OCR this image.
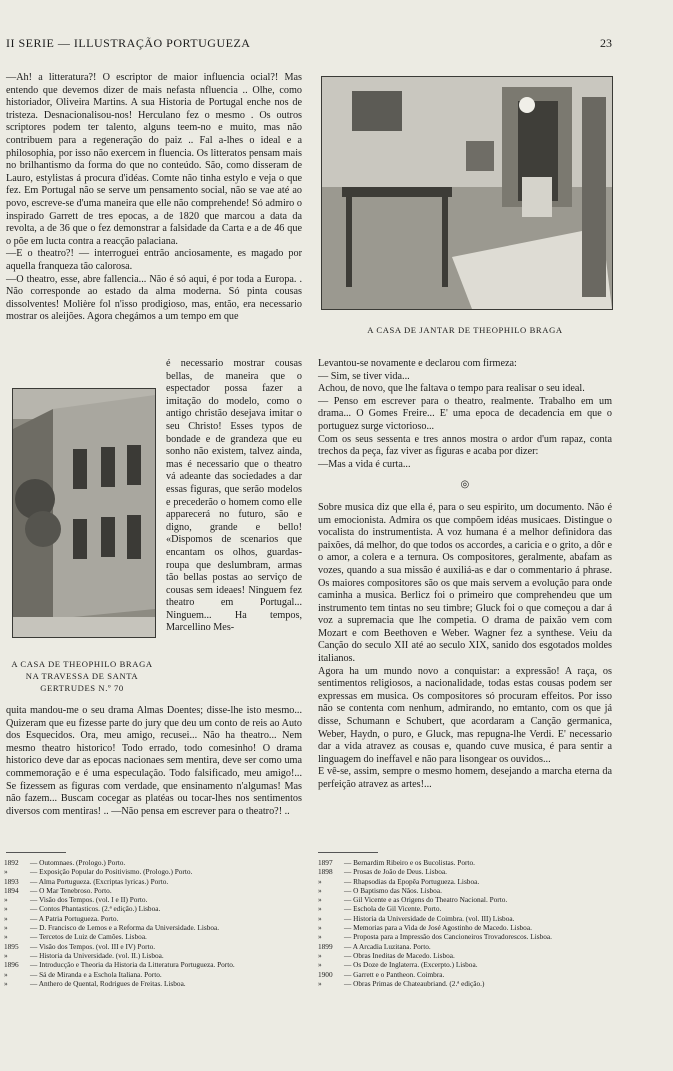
II SERIE — ILLUSTRAÇÃO PORTUGUEZA	23

—Ah! a litteratura?! O escriptor de maior influencia ocial?! Mas entendo que devemos dizer de mais nefasta nfluencia .. Olhe, como historiador, Oliveira Martins. A sua Historia de Portugal enche nos de tristeza. Desnacionalisou-nos! Herculano fez o mesmo . Os outros scriptores podem ter talento, alguns teem-no e muito, mas não contribuem para a regeneração do paiz .. Fal a-lhes o ideal e a philosophia, por isso não exercem in fluencia. Os litteratos pensam mais no brilhantismo da forma do que no conteúdo. São, como disseram de Lauro, estylistas á procura d'idéas. Comte não tinha estylo e veja o que fez. Em Portugal não se serve um pensamento social, não se vae até ao povo, escreve-se d'uma maneira que elle não comprehende! Só admiro o inspirado Garrett de tres epocas, a de 1820 que marcou a data da revolta, a de 36 que o fez demonstrar a falsidade da Carta e a de 46 que o põe em lucta contra a reacção palaciana.

—E o theatro?! — interroguei entrão anciosamente, es magado por aquella franqueza tão calorosa.

—O theatro, esse, abre fallencia... Não é só aqui, é por toda a Europa. . Não corresponde ao estado da alma moderna. Só pinta cousas dissolventes! Molière fol n'isso prodigioso, mas, então, era necessario mostrar os aleijões. Agora chegámos a um tempo em que

A CASA DE THEOPHILO BRAGA NA TRAVESSA DE SANTA GERTRUDES N.º 70

é necessario mostrar cousas bellas, de maneira que o espectador possa fazer a imitação do modelo, como o antigo christão desejava imitar o seu Christo! Esses typos de bondade e de grandeza que eu sonho não existem, talvez ainda, mas é necessario que o theatro vá adeante das sociedades a dar essas figuras, que serão modelos e precederão o homem como elle apparecerá no futuro, são e digno, grande e bello! «Dispomos de scenarios que encantam os olhos, guardas-roupa que deslumbram, armas tão bellas postas ao serviço de cousas sem ideaes! Ninguem fez theatro em Portugal... Ninguem... Ha tempos, Marcellino Mes-

quita mandou-me o seu drama Almas Doentes; disse-lhe isto mesmo... Quizeram que eu fizesse parte do jury que deu um conto de reis ao Auto dos Esquecidos. Ora, meu amigo, recusei... Não ha theatro... Nem mesmo theatro historico! Todo errado, todo comesinho! O drama historico deve dar as epocas nacionaes sem mentira, deve ser como uma commemoração e é uma especulação. Todo falsificado, meu amigo!... Se fizessem as figuras com verdade, que ensinamento n'algumas! Mas não fazem... Buscam cocegar as platéas ou tocar-lhes nos sentimentos diversos com mentiras! .. —Não pensa em escrever para o theatro?! ..

A CASA DE JANTAR DE THEOPHILO BRAGA

Levantou-se novamente e declarou com firmeza:

— Sim, se tiver vida...

Achou, de novo, que lhe faltava o tempo para realisar o seu ideal.

— Penso em escrever para o theatro, realmente. Trabalho em um drama... O Gomes Freire... E' uma epoca de decadencia em que o portuguez surge victorioso...

Com os seus sessenta e tres annos mostra o ardor d'um rapaz, conta trechos da peça, faz viver as figuras e acaba por dizer:

—Mas a vida é curta...

◎

Sobre musica diz que ella é, para o seu espirito, um documento. Não é um emocionista. Admira os que compõem idéas musicaes. Distingue o vocalista do instrumentista. A voz humana é a melhor definidora das paixões, dá melhor, do que todos os accordes, a caricia e o grito, a dôr e o amor, a colera e a ternura. Os compositores, geralmente, abafam as vozes, quando a sua missão é auxiliá-as e dar o commentario á phrase. Os maiores compositores são os que mais servem a evolução para onde caminha a musica. Berlicz foi o primeiro que comprehendeu que um instrumento tem tintas no seu timbre; Gluck foi o que começou a dar á voz a supremacia que lhe competia. O drama de paixão vem com Mozart e com Beethoven e Weber. Wagner fez a synthese. Veiu da Canção do seculo XII até ao seculo XIX, sanido dos esgotados moldes italianos.

Agora ha um mundo novo a conquistar: a expressão! A raça, os sentimentos religiosos, a nacionalidade, todas estas cousas podem ser expressas em musica. Os compositores só procuram effeitos. Por isso não se contenta com nenhum, admirando, no emtanto, com os que já disse, Schumann e Schubert, que acordaram a Canção germanica, Weber, Haydn, o puro, e Gluck, mas repugna-lhe Verdi. E' necessario dar a vida atravez as cousas e, quando cuve musica, é para sentir a linguagem do ineffavel e não para lisongear os ouvidos...

E vê-se, assim, sempre o mesmo homem, desejando a marcha eterna da perfeição atravez as artes!...

1892	— Outomnaes. (Prologo.) Porto.
»	— Exposição Popular do Positivismo. (Prologo.) Porto.
1893	— Alma Portugueza. (Excriptas lyricas.) Porto.
1894	— O Mar Tenebroso. Porto.
»	— Visão dos Tempos. (vol. I e II) Porto.
»	— Contos Phantasticos. (2.ª edição.) Lisboa.
»	— A Patria Portugueza. Porto.
»	— D. Francisco de Lemos e a Reforma da Universidade. Lisboa.
»	— Tercetos de Luiz de Camões. Lisboa.
1895	— Visão dos Tempos. (vol. III e IV) Porto.
»	— Historia da Universidade. (vol. II.) Lisboa.
1896	— Introducção e Theoria da Historia da Litteratura Portugueza. Porto.
»	— Sá de Miranda e a Eschola Italiana. Porto.
»	— Anthero de Quental, Rodrigues de Freitas. Lisboa.
1897	— Bernardim Ribeiro e os Bucolistas. Porto.
1898	— Prosas de João de Deus. Lisboa.
»	— Rhapsodias da Epopêa Portugueza. Lisboa.
»	— O Baptismo das Nãos. Lisboa.
»	— Gil Vicente e as Origens do Theatro Nacional. Porto.
»	— Eschola de Gil Vicente. Porto.
»	— Historia da Universidade de Coimbra. (vol. III) Lisboa.
»	— Memorias para a Vida de José Agostinho de Macedo. Lisboa.
»	— Proposta para a Impressão dos Cancioneiros Trovadorescos. Lisboa.
1899	— A Arcadia Luzitana. Porto.
»	— Obras Ineditas de Macedo. Lisboa.
»	— Os Doze de Inglaterra. (Excerpto.) Lisboa.
1900	— Garrett e o Pantheon. Coimbra.
»	— Obras Primas de Chateaubriand. (2.ª edição.)
